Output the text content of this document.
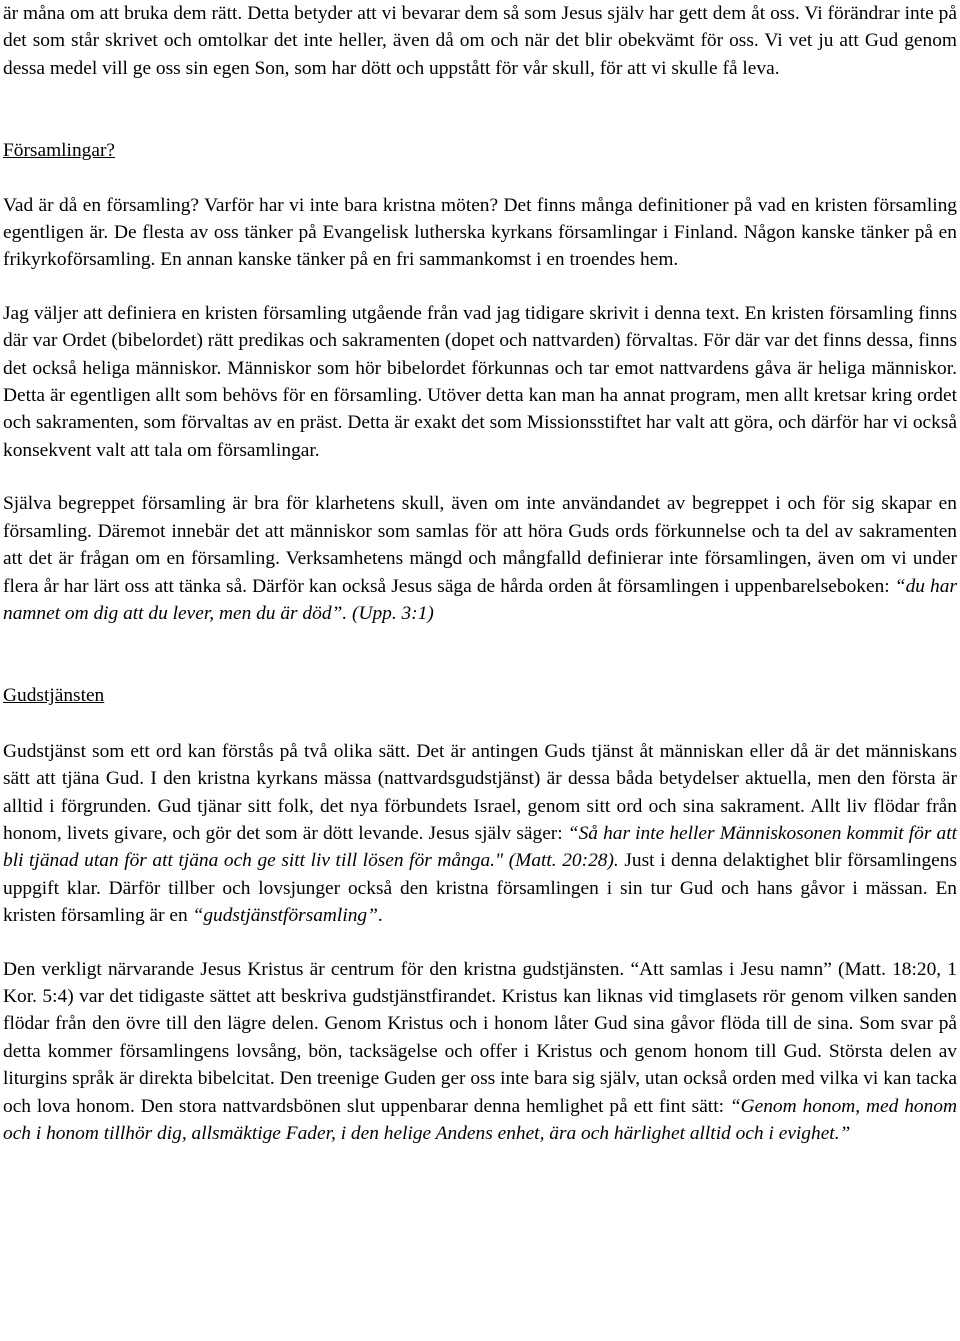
är måna om att bruka dem rätt. Detta betyder att vi bevarar dem så som Jesus själv har gett dem åt oss. Vi förändrar inte på det som står skrivet och omtolkar det inte heller, även då om och när det blir obekvämt för oss. Vi vet ju att Gud genom dessa medel vill ge oss sin egen Son, som har dött och uppstått för vår skull, för att vi skulle få leva.

Församlingar?

Vad är då en församling? Varför har vi inte bara kristna möten? Det finns många definitioner på vad en kristen församling egentligen är. De flesta av oss tänker på Evangelisk lutherska kyrkans församlingar i Finland. Någon kanske tänker på en frikyrkoförsamling. En annan kanske tänker på en fri sammankomst i en troendes hem.

Jag väljer att definiera en kristen församling utgående från vad jag tidigare skrivit i denna text. En kristen församling finns där var Ordet (bibelordet) rätt predikas och sakramenten (dopet och nattvarden) förvaltas. För där var det finns dessa, finns det också heliga människor. Människor som hör bibelordet förkunnas och tar emot nattvardens gåva är heliga människor. Detta är egentligen allt som behövs för en församling. Utöver detta kan man ha annat program, men allt kretsar kring ordet och sakramenten, som förvaltas av en präst. Detta är exakt det som Missionsstiftet har valt att göra, och därför har vi också konsekvent valt att tala om församlingar.

Själva begreppet församling är bra för klarhetens skull, även om inte användandet av begreppet i och för sig skapar en församling. Däremot innebär det att människor som samlas för att höra Guds ords förkunnelse och ta del av sakramenten att det är frågan om en församling. Verksamhetens mängd och mångfalld definierar inte församlingen, även om vi under flera år har lärt oss att tänka så. Därför kan också Jesus säga de hårda orden åt församlingen i uppenbarelseboken: “du har namnet om dig att du lever, men du är död”. (Upp. 3:1)

Gudstjänsten

Gudstjänst som ett ord kan förstås på två olika sätt. Det är antingen Guds tjänst åt människan eller då är det människans sätt att tjäna Gud. I den kristna kyrkans mässa (nattvardsgudstjänst) är dessa båda betydelser aktuella, men den första är alltid i förgrunden. Gud tjänar sitt folk, det nya förbundets Israel, genom sitt ord och sina sakrament. Allt liv flödar från honom, livets givare, och gör det som är dött levande. Jesus själv säger: “Så har inte heller Människosonen kommit för att bli tjänad utan för att tjäna och ge sitt liv till lösen för många." (Matt. 20:28). Just i denna delaktighet blir församlingens uppgift klar. Därför tillber och lovsjunger också den kristna församlingen i sin tur Gud och hans gåvor i mässan. En kristen församling är en “gudstjänstförsamling”.

Den verkligt närvarande Jesus Kristus är centrum för den kristna gudstjänsten. “Att samlas i Jesu namn” (Matt. 18:20, 1 Kor. 5:4) var det tidigaste sättet att beskriva gudstjänstfirandet. Kristus kan liknas vid timglasets rör genom vilken sanden flödar från den övre till den lägre delen. Genom Kristus och i honom låter Gud sina gåvor flöda till de sina. Som svar på detta kommer församlingens lovsång, bön, tacksägelse och offer i Kristus och genom honom till Gud. Största delen av liturgins språk är direkta bibelcitat. Den treenige Guden ger oss inte bara sig själv, utan också orden med vilka vi kan tacka och lova honom. Den stora nattvardsbönen slut uppenbarar denna hemlighet på ett fint sätt: “Genom honom, med honom och i honom tillhör dig, allsmäktige Fader, i den helige Andens enhet, ära och härlighet alltid och i evighet.”
